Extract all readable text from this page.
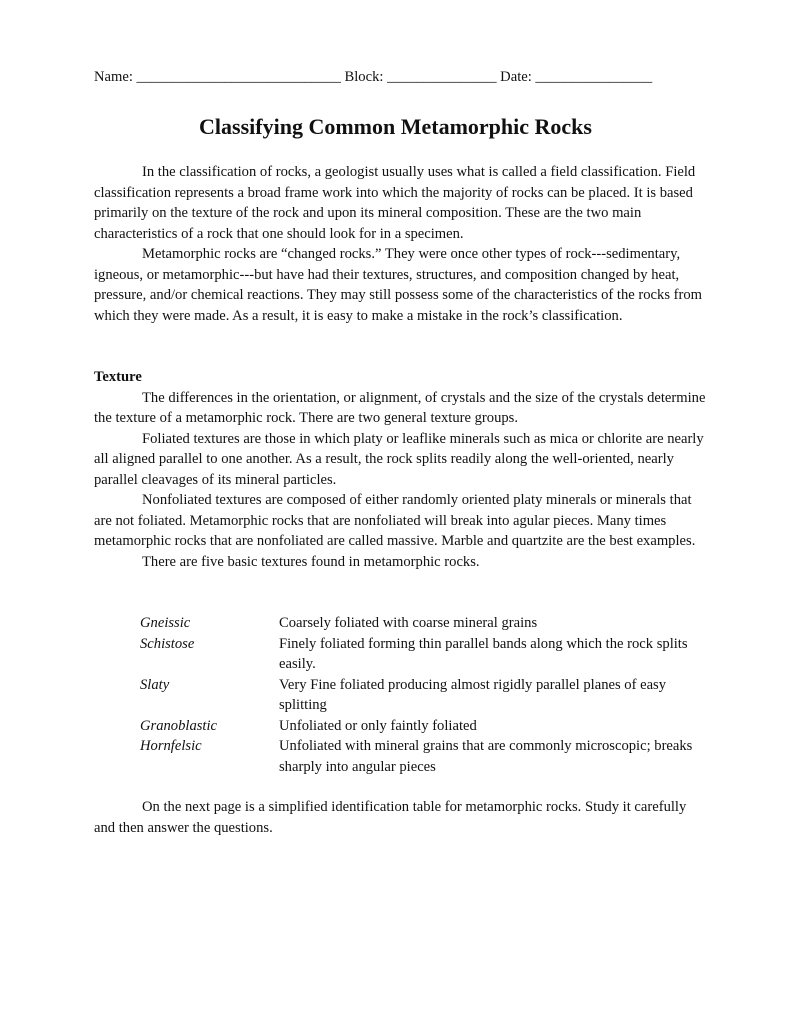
Name: ____________________________ Block: _______________ Date: ________________
Classifying Common Metamorphic Rocks

In the classification of rocks, a geologist usually uses what is called a field classification. Field classification represents a broad frame work into which the majority of rocks can be placed. It is based primarily on the texture of the rock and upon its mineral composition. These are the two main characteristics of a rock that one should look for in a specimen.

Metamorphic rocks are “changed rocks.” They were once other types of rock---sedimentary, igneous, or metamorphic---but have had their textures, structures, and composition changed by heat, pressure, and/or chemical reactions. They may still possess some of the characteristics of the rocks from which they were made. As a result, it is easy to make a mistake in the rock’s classification.

Texture

The differences in the orientation, or alignment, of crystals and the size of the crystals determine the texture of a metamorphic rock. There are two general texture groups.

Foliated textures are those in which platy or leaflike minerals such as mica or chlorite are nearly all aligned parallel to one another. As a result, the rock splits readily along the well-oriented, nearly parallel cleavages of its mineral particles.

Nonfoliated textures are composed of either randomly oriented platy minerals or minerals that are not foliated. Metamorphic rocks that are nonfoliated will break into agular pieces. Many times metamorphic rocks that are nonfoliated are called massive. Marble and quartzite are the best examples.

There are five basic textures found in metamorphic rocks.

Gneissic	Coarsely foliated with coarse mineral grains
Schistose	Finely foliated forming thin parallel bands along which the rock splits easily.
Slaty	Very Fine foliated producing almost rigidly parallel planes of easy splitting
Granoblastic	Unfoliated or only faintly foliated
Hornfelsic	Unfoliated with mineral grains that are commonly microscopic; breaks sharply into angular pieces

On the next page is a simplified identification table for metamorphic rocks. Study it carefully and then answer the questions.
